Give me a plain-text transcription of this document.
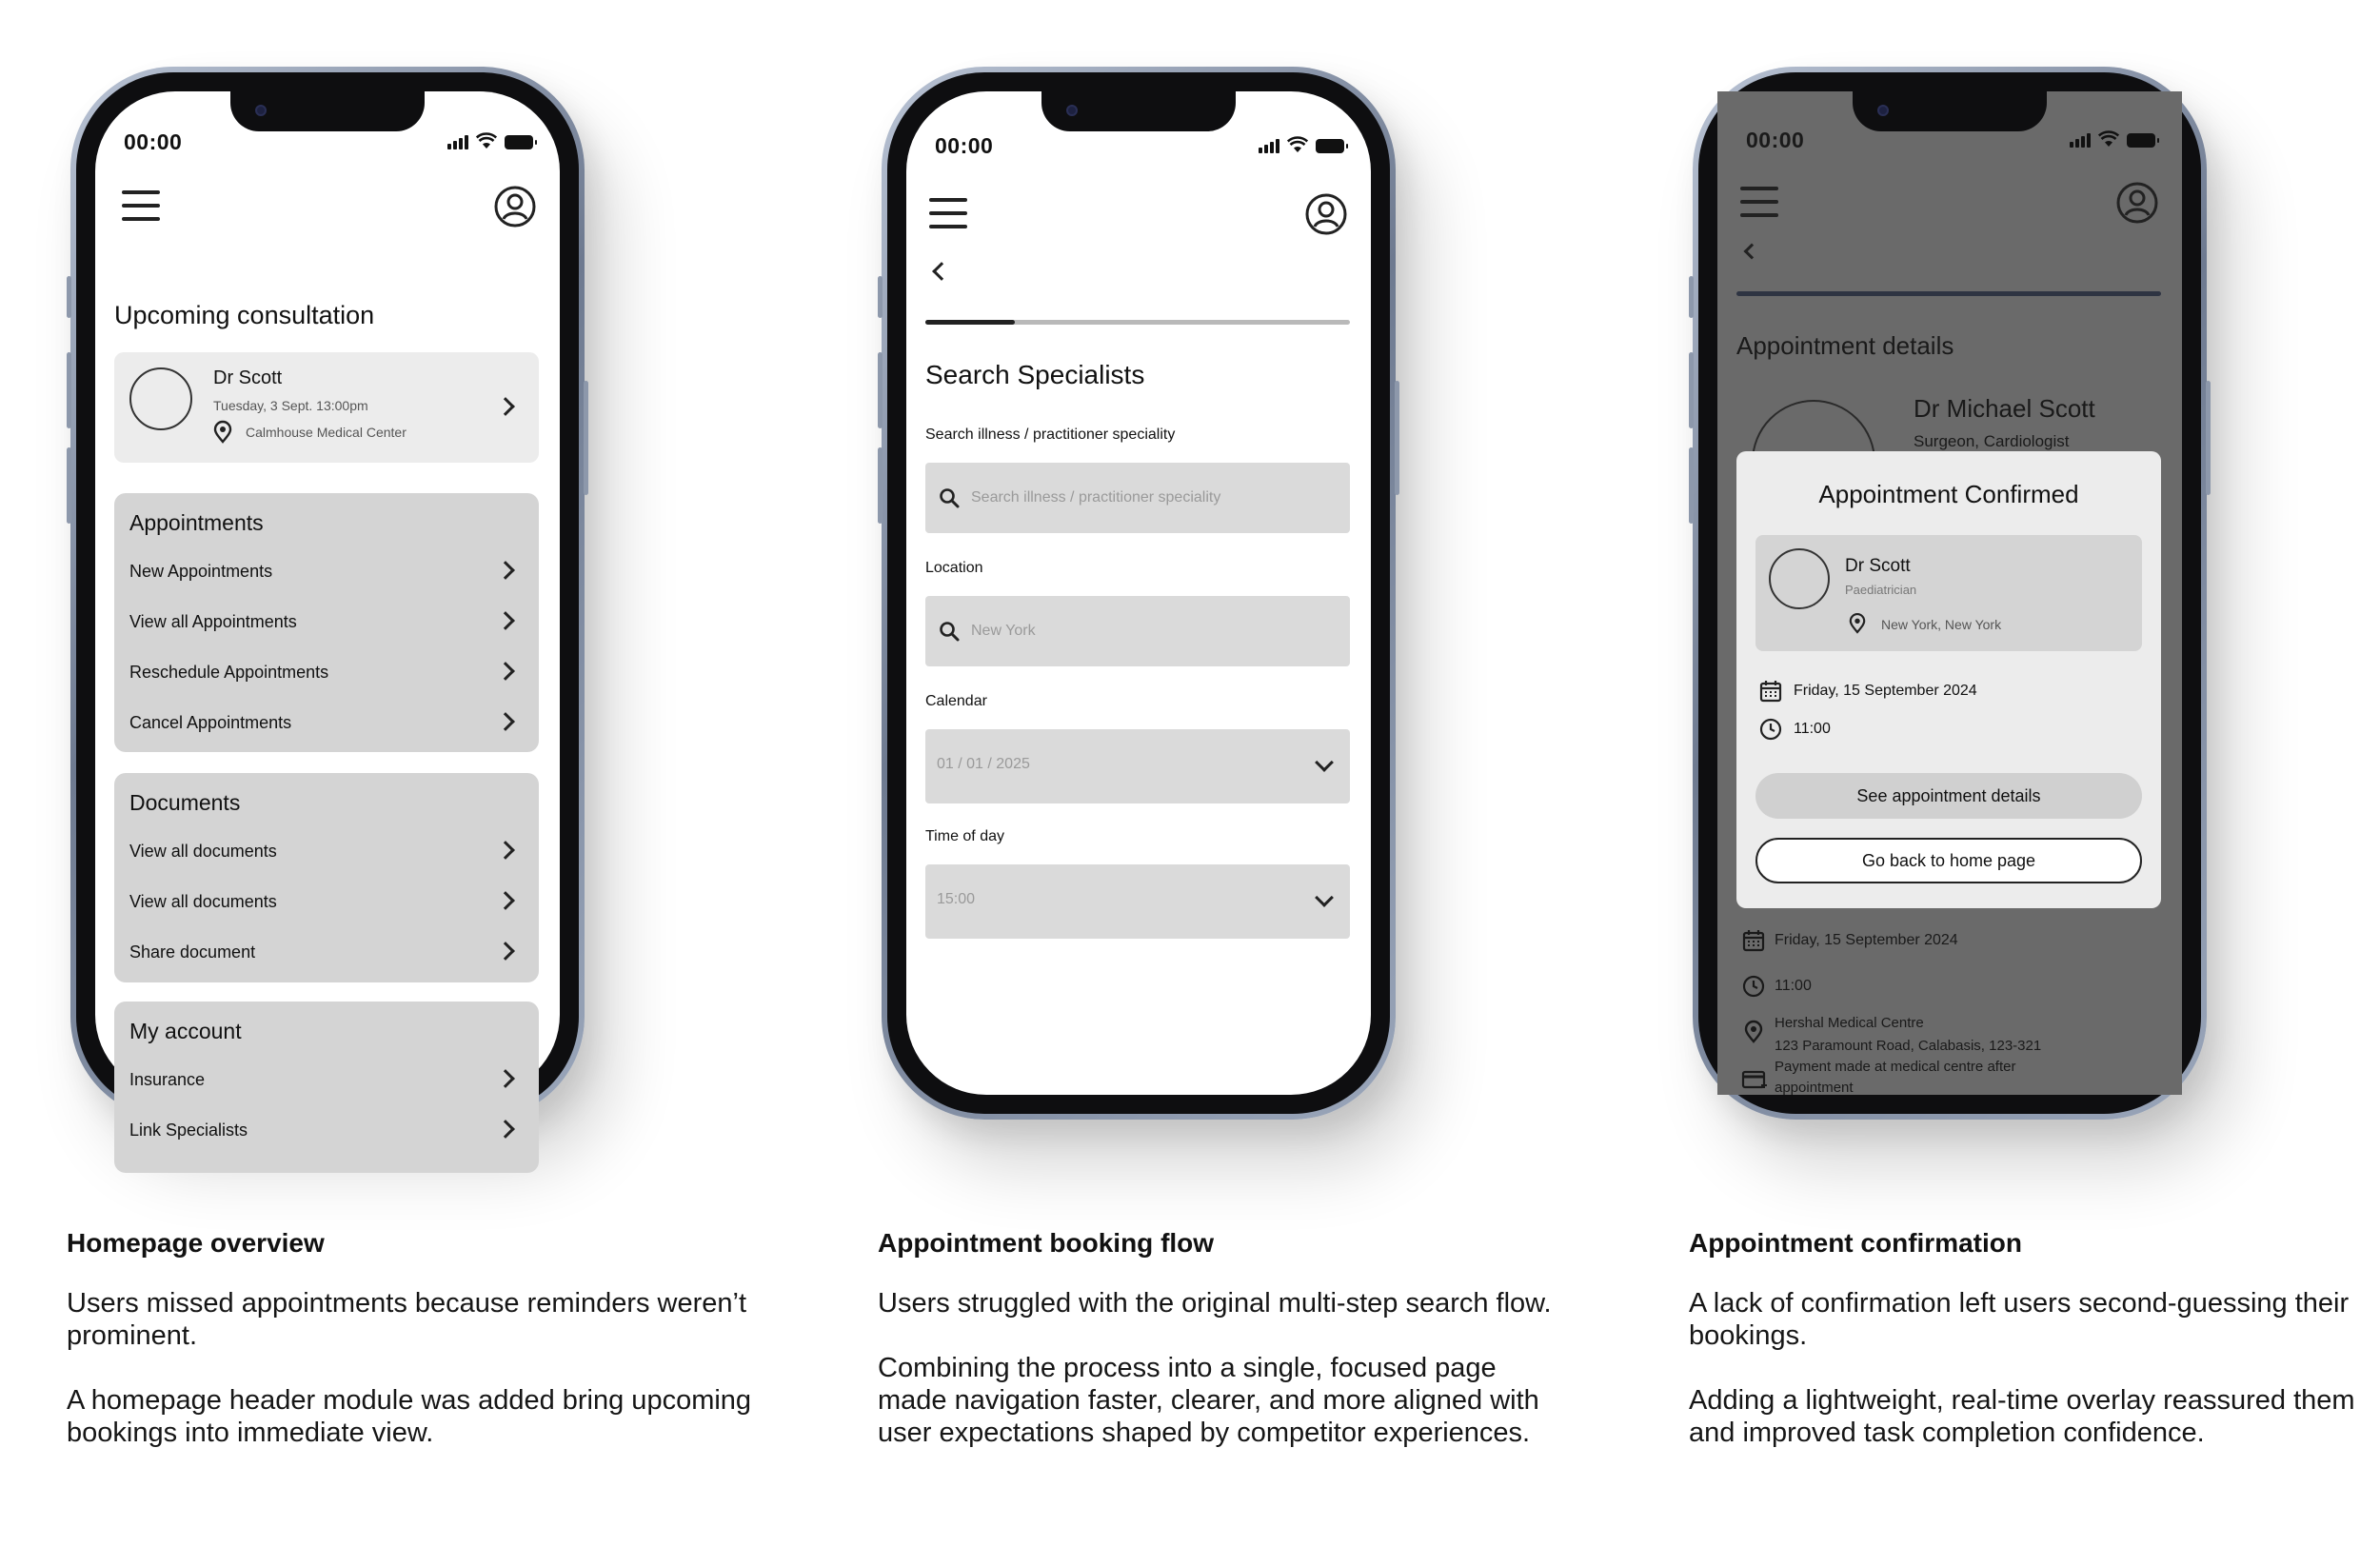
00:00
Upcoming consultation
Dr Scott
Tuesday, 3 Sept. 13:00pm
Calmhouse Medical Center
Appointments
New Appointments
View all Appointments
Reschedule Appointments
Cancel Appointments
Documents
View all documents
View all documents
Share document
My account
Insurance
Link Specialists
00:00
Search Specialists
Search illness / practitioner speciality
Search illness / practitioner speciality
Location
New York
Calendar
01 / 01 / 2025
Time of day
15:00
00:00
Appointment details
Dr Michael Scott
Surgeon, Cardiologist
Friday, 15 September 2024
11:00
Hershal Medical Centre
123 Paramount Road, Calabasis, 123-321
Payment made at medical centre after
appointment
Appointment Confirmed
Dr Scott
Paediatrician
New York, New York
Friday, 15 September 2024
11:00
See appointment details
Go back to home page
Homepage overview
Users missed appointments because reminders weren’t prominent.
A homepage header module was added bring upcoming bookings into immediate view.
Appointment booking flow
Users struggled with the original multi-step search flow.
Combining the process into a single, focused page made navigation faster, clearer, and more aligned with user expectations shaped by competitor experiences.
Appointment confirmation
A lack of confirmation left users second-guessing their bookings.
Adding a lightweight, real-time overlay reassured them and improved task completion confidence.
